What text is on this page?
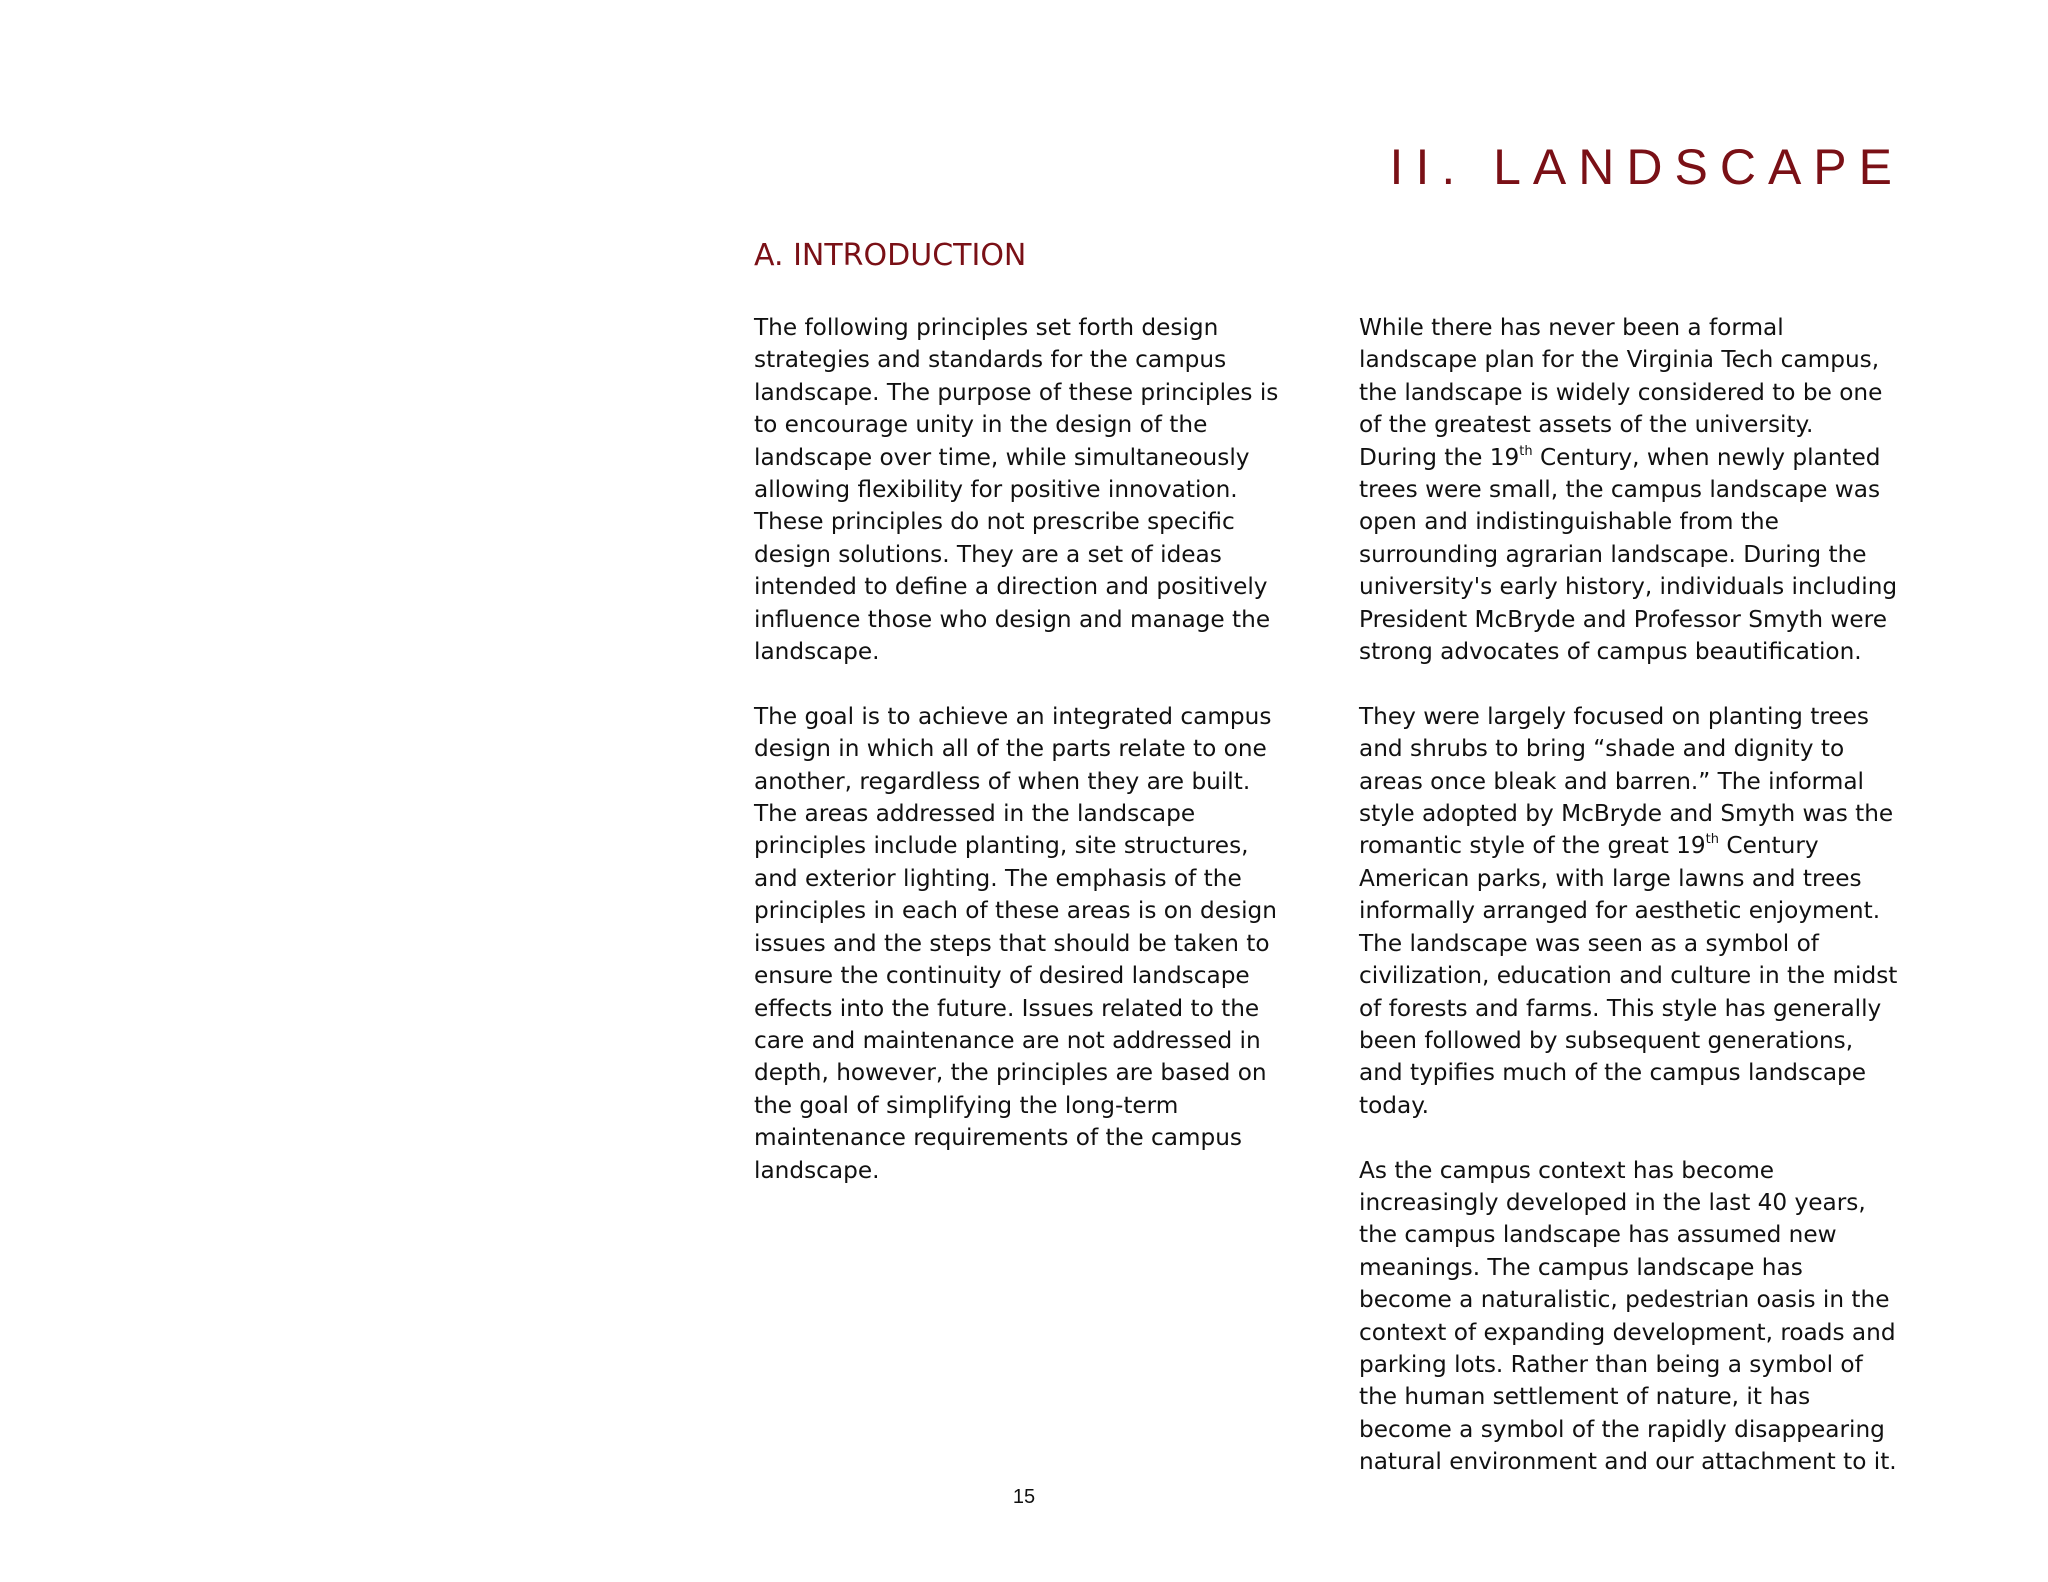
II. LANDSCAPE
A. INTRODUCTION

The following principles set forth design
strategies and standards for the campus
landscape. The purpose of these principles is
to encourage unity in the design of the
landscape over time, while simultaneously
allowing flexibility for positive innovation.
These principles do not prescribe specific
design solutions. They are a set of ideas
intended to define a direction and positively
influence those who design and manage the
landscape.

The goal is to achieve an integrated campus
design in which all of the parts relate to one
another, regardless of when they are built.
The areas addressed in the landscape
principles include planting, site structures,
and exterior lighting. The emphasis of the
principles in each of these areas is on design
issues and the steps that should be taken to
ensure the continuity of desired landscape
effects into the future. Issues related to the
care and maintenance are not addressed in
depth, however, the principles are based on
the goal of simplifying the long-term
maintenance requirements of the campus
landscape.

While there has never been a formal
landscape plan for the Virginia Tech campus,
the landscape is widely considered to be one
of the greatest assets of the university.
During the 19th Century, when newly planted
trees were small, the campus landscape was
open and indistinguishable from the
surrounding agrarian landscape. During the
university's early history, individuals including
President McBryde and Professor Smyth were
strong advocates of campus beautification.

They were largely focused on planting trees
and shrubs to bring “shade and dignity to
areas once bleak and barren.” The informal
style adopted by McBryde and Smyth was the
romantic style of the great 19th Century
American parks, with large lawns and trees
informally arranged for aesthetic enjoyment.
The landscape was seen as a symbol of
civilization, education and culture in the midst
of forests and farms. This style has generally
been followed by subsequent generations,
and typifies much of the campus landscape
today.

As the campus context has become
increasingly developed in the last 40 years,
the campus landscape has assumed new
meanings. The campus landscape has
become a naturalistic, pedestrian oasis in the
context of expanding development, roads and
parking lots. Rather than being a symbol of
the human settlement of nature, it has
become a symbol of the rapidly disappearing
natural environment and our attachment to it.

15
